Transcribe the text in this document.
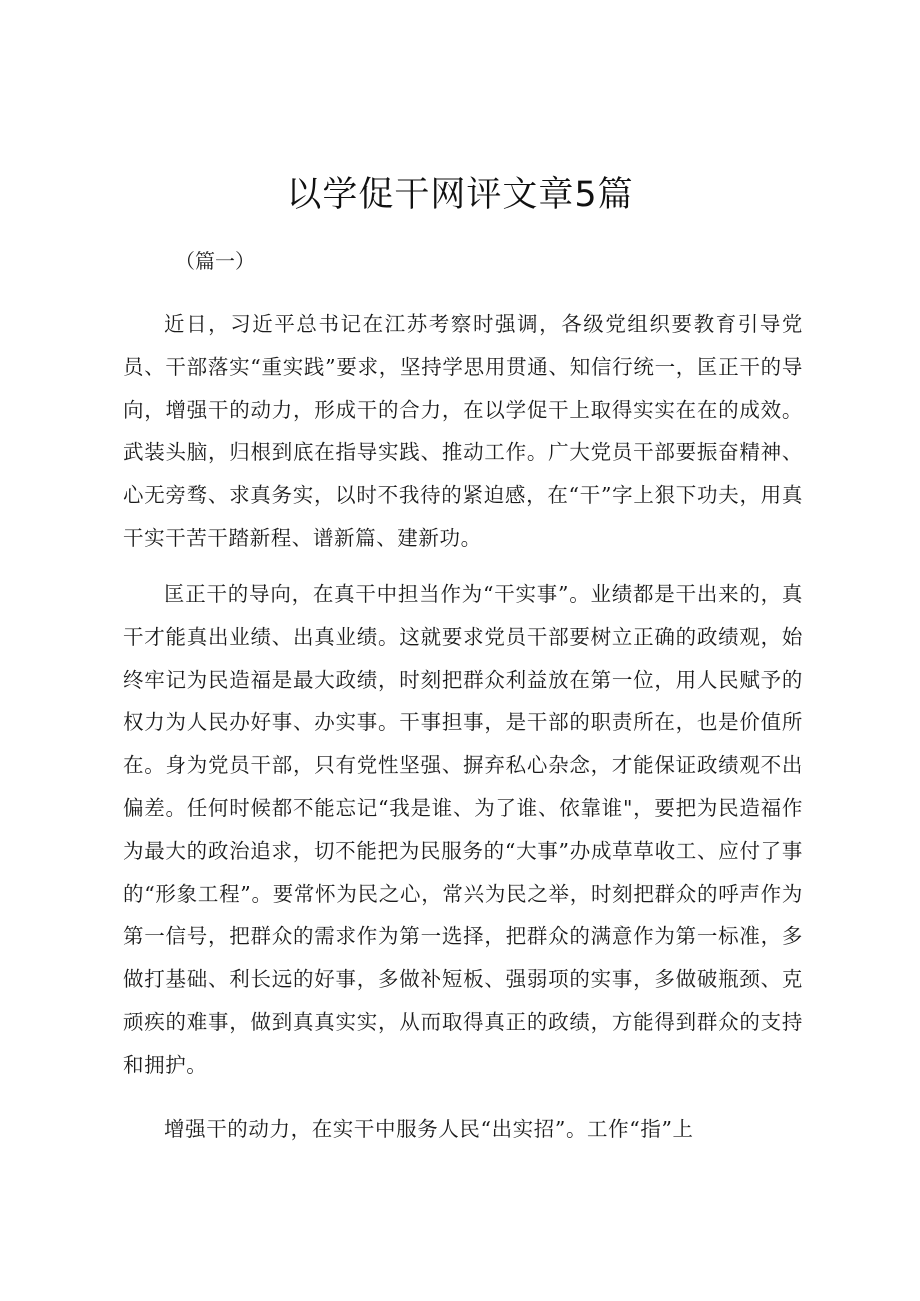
以学促干网评文章5篇

（篇一）

近日，习近平总书记在江苏考察时强调，各级党组织要教育引导党员、干部落实“重实践”要求，坚持学思用贯通、知信行统一，匡正干的导向，增强干的动力，形成干的合力，在以学促干上取得实实在在的成效。武装头脑，归根到底在指导实践、推动工作。广大党员干部要振奋精神、心无旁骛、求真务实，以时不我待的紧迫感，在“干”字上狠下功夫，用真干实干苦干踏新程、谱新篇、建新功。

匡正干的导向，在真干中担当作为“干实事”。业绩都是干出来的，真干才能真出业绩、出真业绩。这就要求党员干部要树立正确的政绩观，始终牢记为民造福是最大政绩，时刻把群众利益放在第一位，用人民赋予的权力为人民办好事、办实事。干事担事，是干部的职责所在，也是价值所在。身为党员干部，只有党性坚强、摒弃私心杂念，才能保证政绩观不出偏差。任何时候都不能忘记“我是谁、为了谁、依靠谁"，要把为民造福作为最大的政治追求，切不能把为民服务的“大事”办成草草收工、应付了事的“形象工程”。要常怀为民之心，常兴为民之举，时刻把群众的呼声作为第一信号，把群众的需求作为第一选择，把群众的满意作为第一标准，多做打基础、利长远的好事，多做补短板、强弱项的实事，多做破瓶颈、克顽疾的难事，做到真真实实，从而取得真正的政绩，方能得到群众的支持和拥护。

增强干的动力，在实干中服务人民“出实招”。工作“指”上
